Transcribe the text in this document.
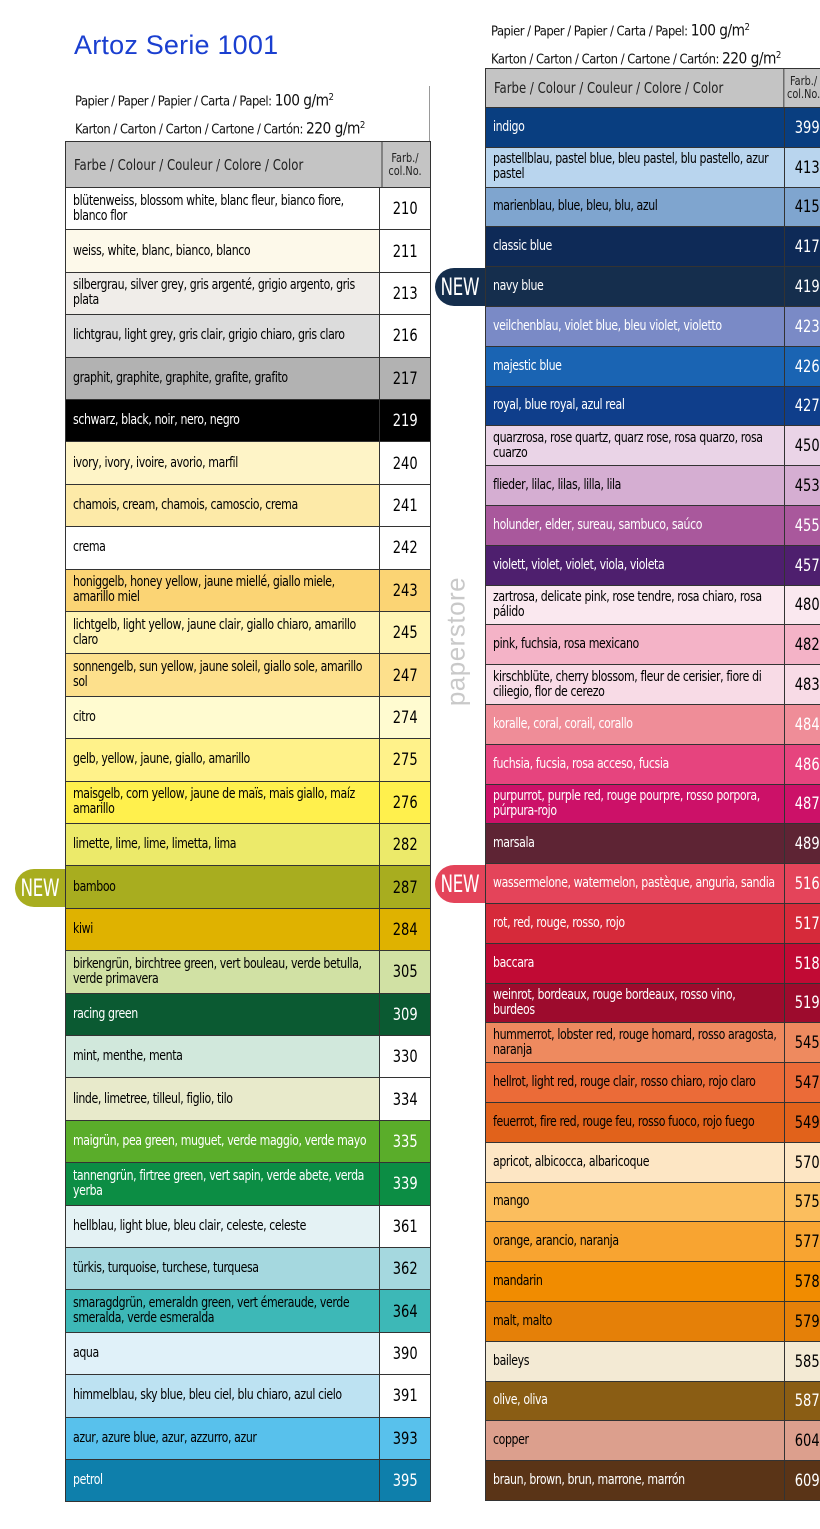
Artoz Serie 1001
Papier / Paper / Papier / Carta / Papel: 100 $g/m^2$
Karton / Carton / Carton / Cartone / Cartón: 220 $g/m^2$
Papier / Paper / Papier / Carta / Papel: 100 $g/m^2$
Karton / Carton / Carton / Cartone / Cartón: 220 $g/m^2$
Farbe / Colour / Couleur / Colore / Color	Farb./
col.No.
blütenweiss, blossom white, blanc fleur, bianco fiore, blanco flor	210
weiss, white, blanc, bianco, blanco	211
silbergrau, silver grey, gris argenté, grigio argento, gris plata	213
lichtgrau, light grey, gris clair, grigio chiaro, gris claro	216
graphit, graphite, graphite, grafite, grafito	217
schwarz, black, noir, nero, negro	219
ivory, ivory, ivoire, avorio, marfil	240
chamois, cream, chamois, camoscio, crema	241
crema	242
honiggelb, honey yellow, jaune miellé, giallo miele, amarillo miel	243
lichtgelb, light yellow, jaune clair, giallo chiaro, amarillo claro	245
sonnengelb, sun yellow, jaune soleil, giallo sole, amarillo sol	247
citro	274
gelb, yellow, jaune, giallo, amarillo	275
maisgelb, corn yellow, jaune de maïs, mais giallo, maíz amarillo	276
limette, lime, lime, limetta, lima	282
bamboo	287
kiwi	284
birkengrün, birchtree green, vert bouleau, verde betulla, verde primavera	305
racing green	309
mint, menthe, menta	330
linde, limetree, tilleul, figlio, tilo	334
maigrün, pea green, muguet, verde maggio, verde mayo	335
tannengrün, firtree green, vert sapin, verde abete, verda yerba	339
hellblau, light blue, bleu clair, celeste, celeste	361
türkis, turquoise, turchese, turquesa	362
smaragdgrün, emeraldn green, vert émeraude, verde smeralda, verde esmeralda	364
aqua	390
himmelblau, sky blue, bleu ciel, blu chiaro, azul cielo	391
azur, azure blue, azur, azzurro, azur	393
petrol	395
Farbe / Colour / Couleur / Colore / Color	Farb./
col.No.
indigo	399
pastellblau, pastel blue, bleu pastel, blu pastello, azur pastel	413
marienblau, blue, bleu, blu, azul	415
classic blue	417
navy blue	419
veilchenblau, violet blue, bleu violet, violetto	423
majestic blue	426
royal, blue royal, azul real	427
quarzrosa, rose quartz, quarz rose, rosa quarzo, rosa cuarzo	450
flieder, lilac, lilas, lilla, lila	453
holunder, elder, sureau, sambuco, saúco	455
violett, violet, violet, viola, violeta	457
zartrosa, delicate pink, rose tendre, rosa chiaro, rosa pálido	480
pink, fuchsia, rosa mexicano	482
kirschblüte, cherry blossom, fleur de cerisier, fiore di ciliegio, flor de cerezo	483
koralle, coral, corail, corallo	484
fuchsia, fucsia, rosa acceso, fucsia	486
purpurrot, purple red, rouge pourpre, rosso porpora, púrpura-rojo	487
marsala	489
wassermelone, watermelon, pastèque, anguria, sandia	516
rot, red, rouge, rosso, rojo	517
baccara	518
weinrot, bordeaux, rouge bordeaux, rosso vino, burdeos	519
hummerrot, lobster red, rouge homard, rosso aragosta, naranja	545
hellrot, light red, rouge clair, rosso chiaro, rojo claro	547
feuerrot, fire red, rouge feu, rosso fuoco, rojo fuego	549
apricot, albicocca, albaricoque	570
mango	575
orange, arancio, naranja	577
mandarin	578
malt, malto	579
baileys	585
olive, oliva	587
copper	604
braun, brown, brun, marrone, marrón	609
paperstore
NEW
NEW
NEW
